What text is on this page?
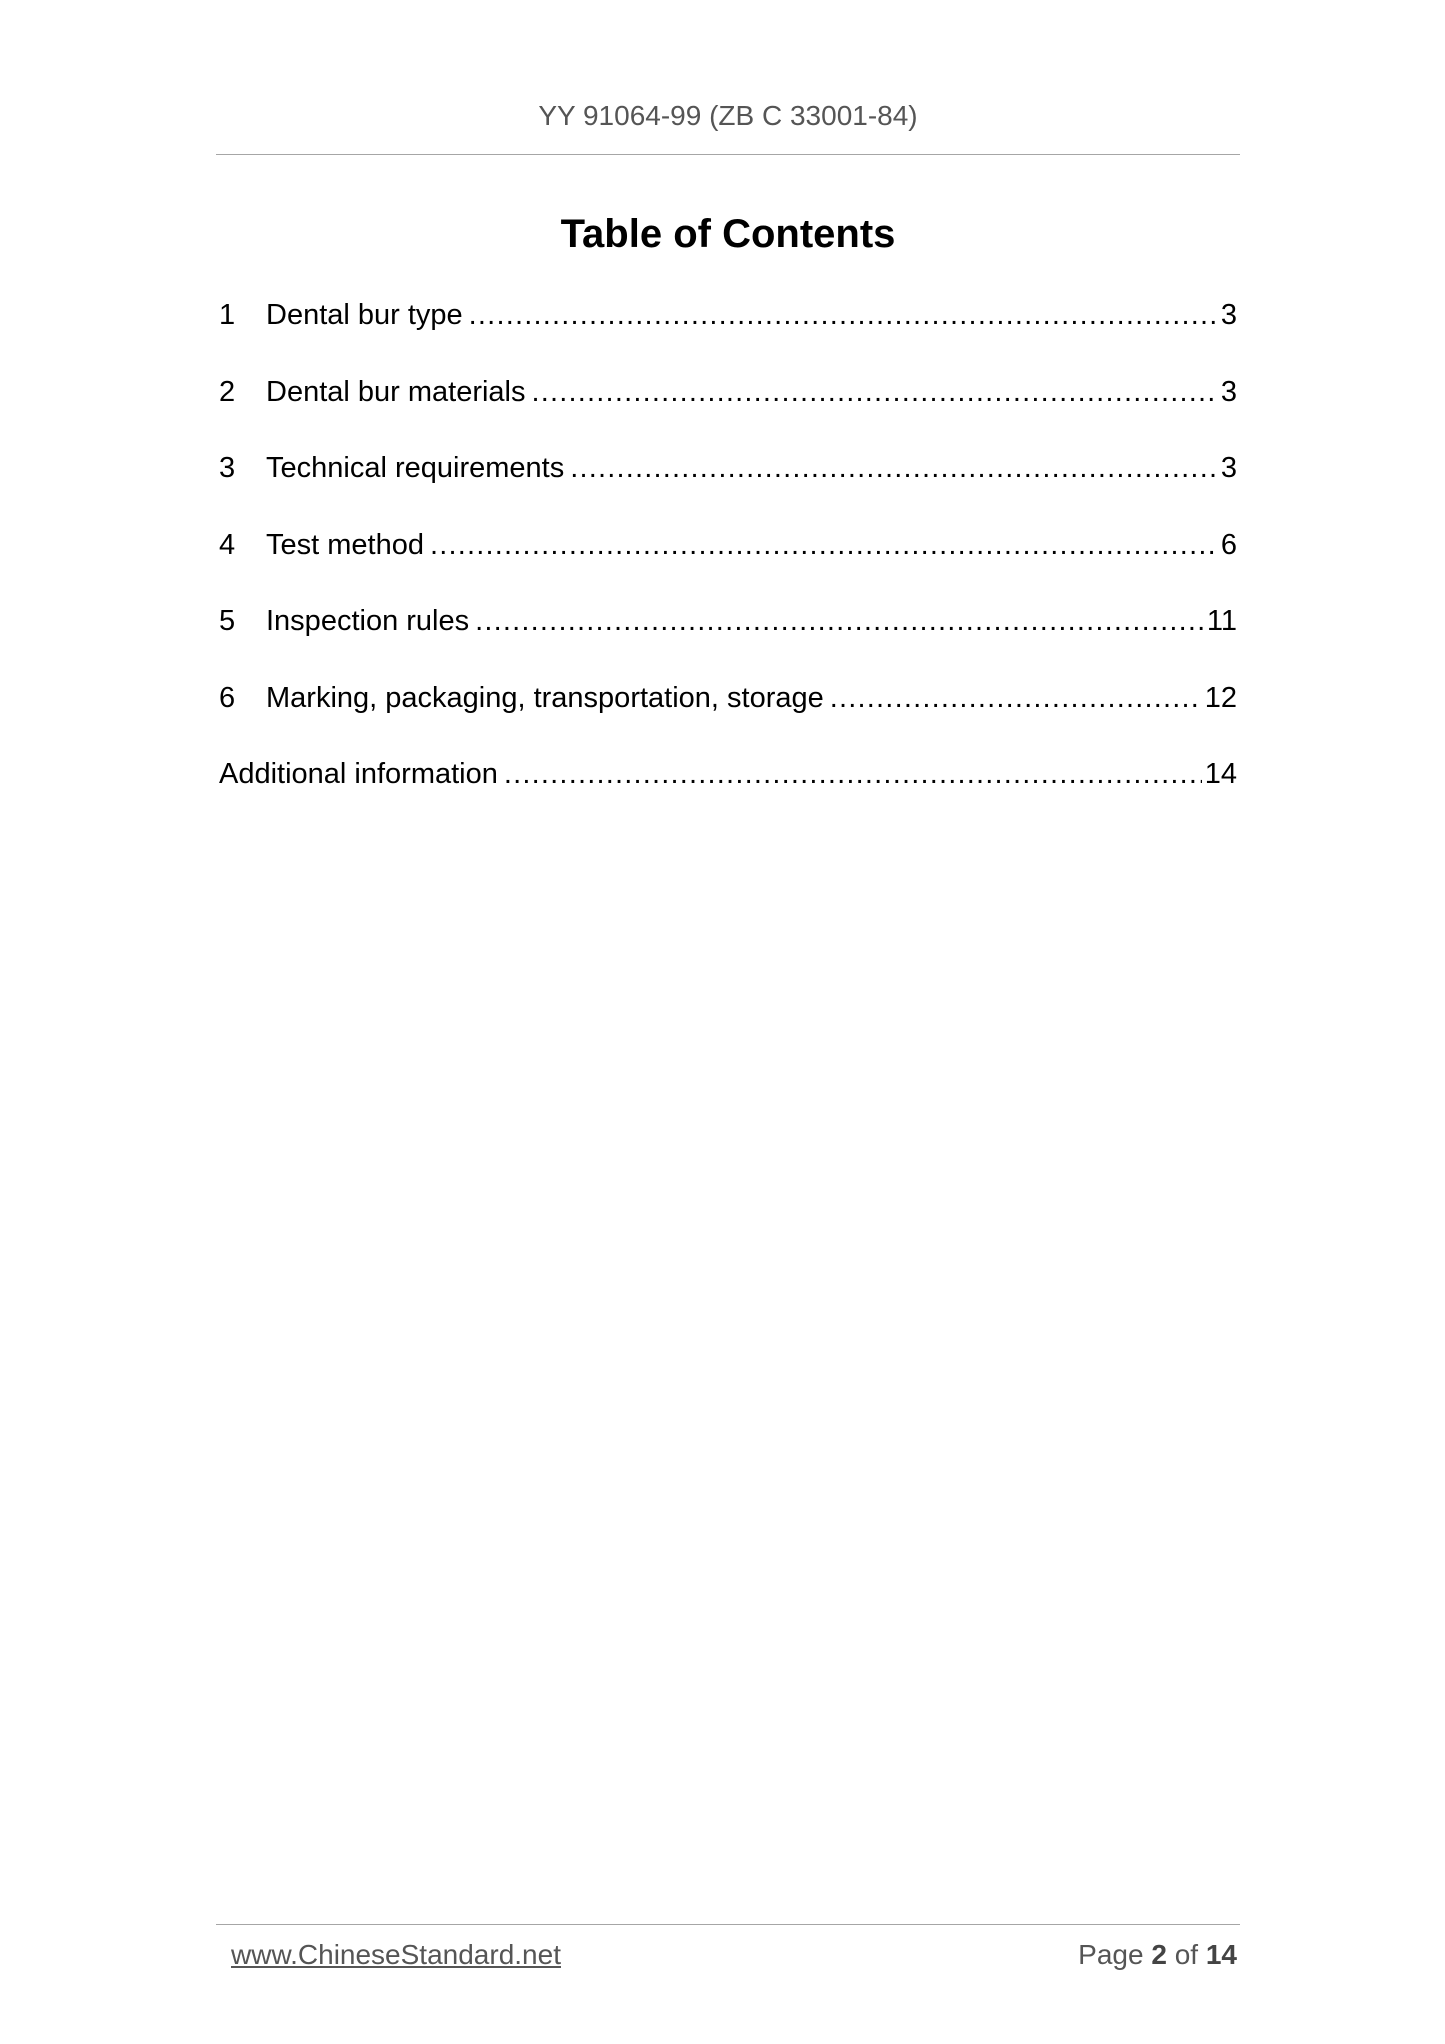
YY 91064-99 (ZB C 33001-84)
Table of Contents
1	Dental bur type .....	3
2	Dental bur materials .....	3
3	Technical requirements .....	3
4	Test method .....	6
5	Inspection rules .....	11
6	Marking, packaging, transportation, storage .....	12
Additional information .....	14
www.ChineseStandard.net	Page 2 of 14
